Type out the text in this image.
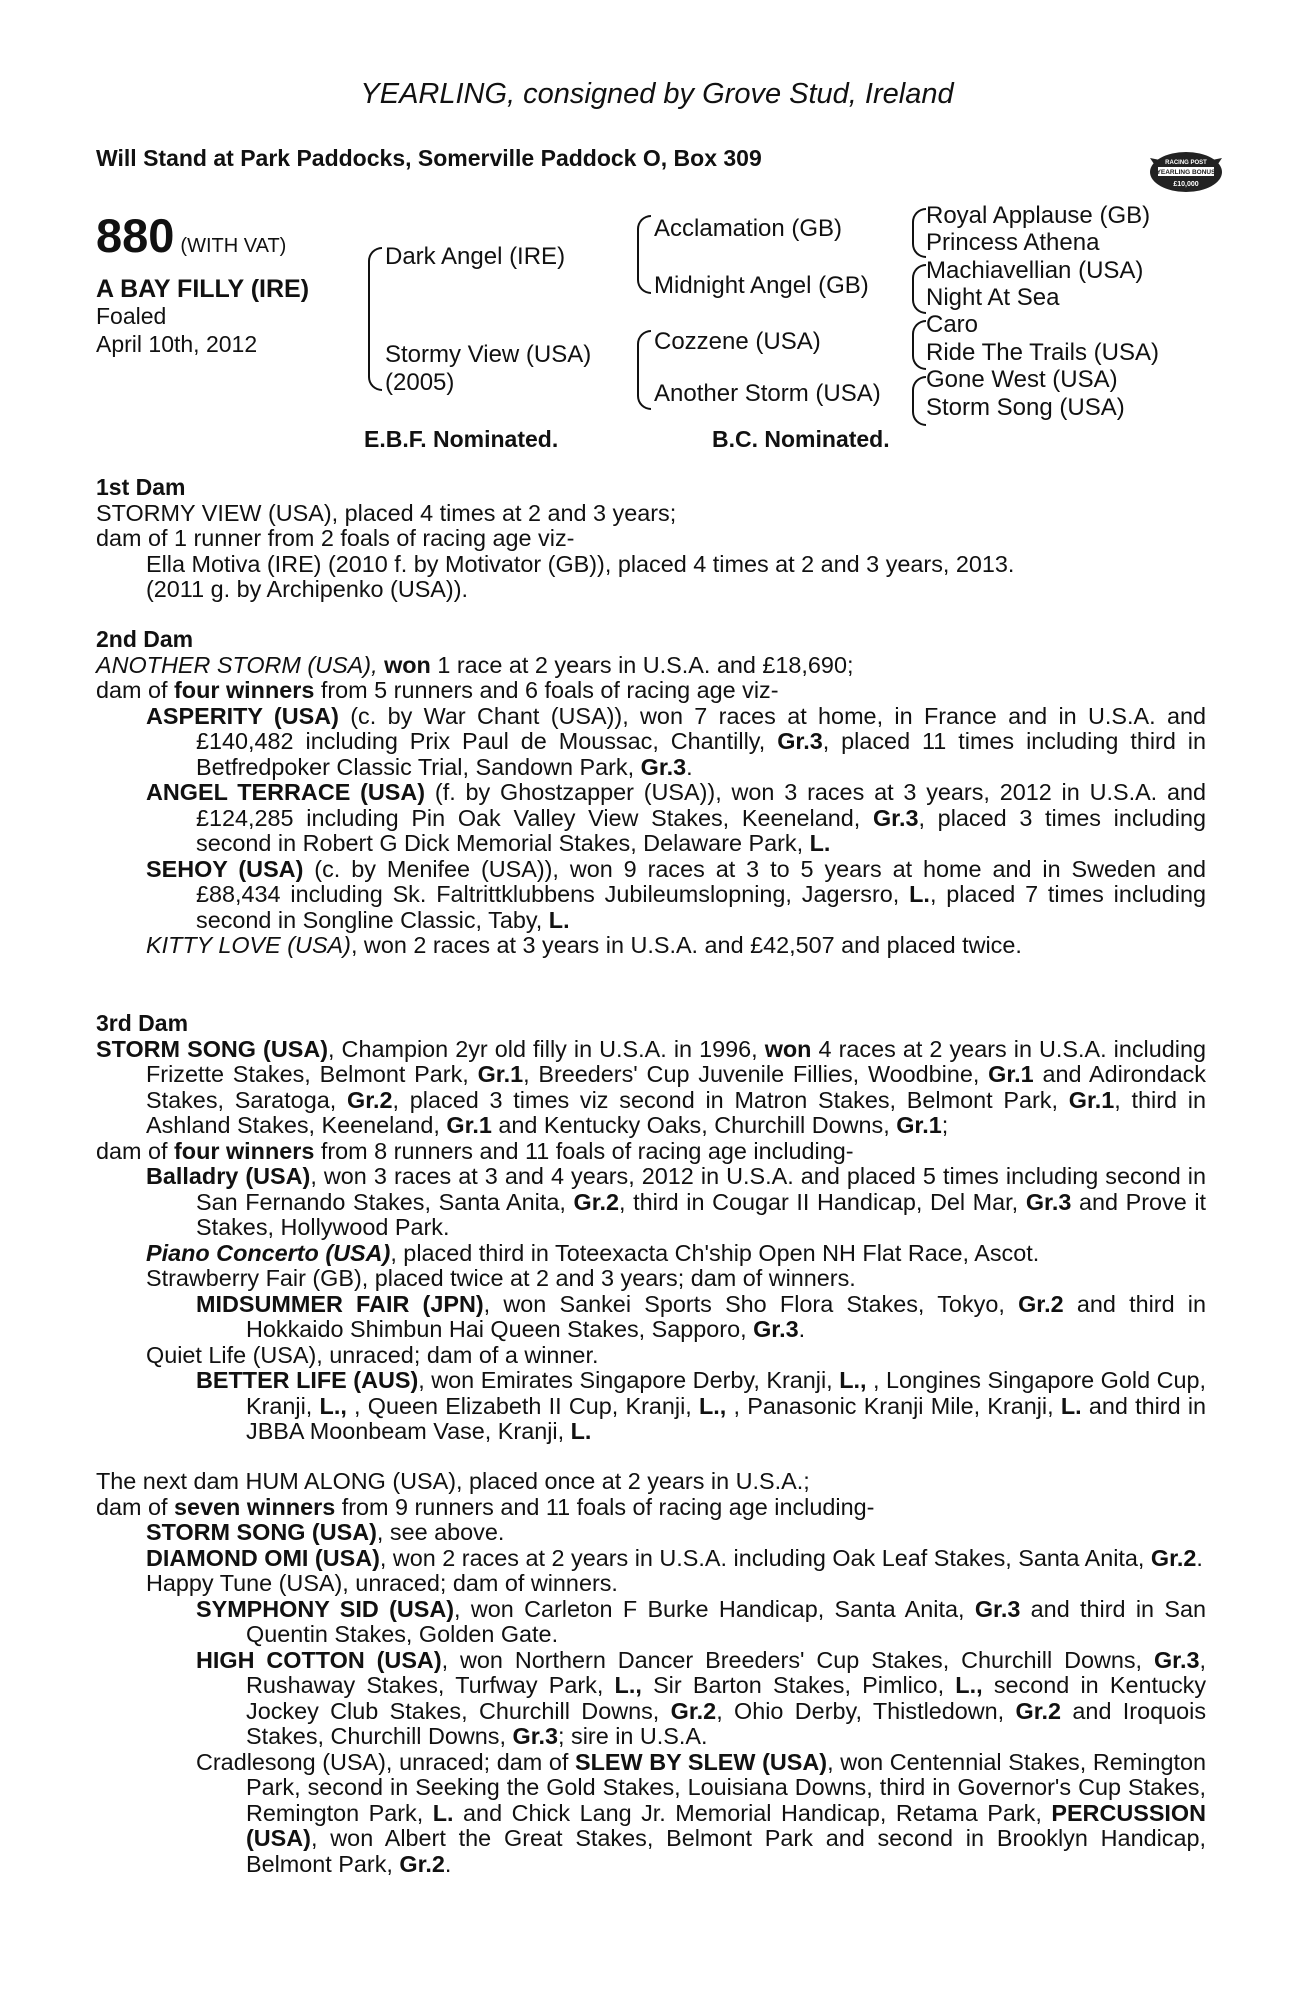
YEARLING, consigned by Grove Stud, Ireland
Will Stand at Park Paddocks, Somerville Paddock O, Box 309	RACING POST
YEARLING BONUS
£10,000
880 (WITH VAT)
A BAY FILLY (IRE)
Foaled
April 10th, 2012
Dark Angel (IRE)
Stormy View (USA)
(2005)
Acclamation (GB)
Midnight Angel (GB)
Cozzene (USA)
Another Storm (USA)
Royal Applause (GB)
Princess Athena
Machiavellian (USA)
Night At Sea
Caro
Ride The Trails (USA)
Gone West (USA)
Storm Song (USA)
E.B.F. Nominated.	B.C. Nominated.

1st Dam

STORMY VIEW (USA), placed 4 times at 2 and 3 years;

dam of 1 runner from 2 foals of racing age viz-

Ella Motiva (IRE) (2010 f. by Motivator (GB)), placed 4 times at 2 and 3 years, 2013.

(2011 g. by Archipenko (USA)).

2nd Dam

ANOTHER STORM (USA), won 1 race at 2 years in U.S.A. and £18,690;

dam of four winners from 5 runners and 6 foals of racing age viz-

ASPERITY (USA) (c. by War Chant (USA)), won 7 races at home, in France and in U.S.A. and £140,482 including Prix Paul de Moussac, Chantilly, Gr.3, placed 11 times including third in Betfredpoker Classic Trial, Sandown Park, Gr.3.

ANGEL TERRACE (USA) (f. by Ghostzapper (USA)), won 3 races at 3 years, 2012 in U.S.A. and £124,285 including Pin Oak Valley View Stakes, Keeneland, Gr.3, placed 3 times including second in Robert G Dick Memorial Stakes, Delaware Park, L.

SEHOY (USA) (c. by Menifee (USA)), won 9 races at 3 to 5 years at home and in Sweden and £88,434 including Sk. Faltrittklubbens Jubileumslopning, Jagersro, L., placed 7 times including second in Songline Classic, Taby, L.

KITTY LOVE (USA), won 2 races at 3 years in U.S.A. and £42,507 and placed twice.

3rd Dam

STORM SONG (USA), Champion 2yr old filly in U.S.A. in 1996, won 4 races at 2 years in U.S.A. including Frizette Stakes, Belmont Park, Gr.1, Breeders' Cup Juvenile Fillies, Woodbine, Gr.1 and Adirondack Stakes, Saratoga, Gr.2, placed 3 times viz second in Matron Stakes, Belmont Park, Gr.1, third in Ashland Stakes, Keeneland, Gr.1 and Kentucky Oaks, Churchill Downs, Gr.1;

dam of four winners from 8 runners and 11 foals of racing age including-

Balladry (USA), won 3 races at 3 and 4 years, 2012 in U.S.A. and placed 5 times including second in San Fernando Stakes, Santa Anita, Gr.2, third in Cougar II Handicap, Del Mar, Gr.3 and Prove it Stakes, Hollywood Park.

Piano Concerto (USA), placed third in Toteexacta Ch'ship Open NH Flat Race, Ascot.

Strawberry Fair (GB), placed twice at 2 and 3 years; dam of winners.

MIDSUMMER FAIR (JPN), won Sankei Sports Sho Flora Stakes, Tokyo, Gr.2 and third in Hokkaido Shimbun Hai Queen Stakes, Sapporo, Gr.3.

Quiet Life (USA), unraced; dam of a winner.

BETTER LIFE (AUS), won Emirates Singapore Derby, Kranji, L., , Longines Singapore Gold Cup, Kranji, L., , Queen Elizabeth II Cup, Kranji, L., , Panasonic Kranji Mile, Kranji, L. and third in JBBA Moonbeam Vase, Kranji, L.

The next dam HUM ALONG (USA), placed once at 2 years in U.S.A.;

dam of seven winners from 9 runners and 11 foals of racing age including-

STORM SONG (USA), see above.

DIAMOND OMI (USA), won 2 races at 2 years in U.S.A. including Oak Leaf Stakes, Santa Anita, Gr.2.

Happy Tune (USA), unraced; dam of winners.

SYMPHONY SID (USA), won Carleton F Burke Handicap, Santa Anita, Gr.3 and third in San Quentin Stakes, Golden Gate.

HIGH COTTON (USA), won Northern Dancer Breeders' Cup Stakes, Churchill Downs, Gr.3, Rushaway Stakes, Turfway Park, L., Sir Barton Stakes, Pimlico, L., second in Kentucky Jockey Club Stakes, Churchill Downs, Gr.2, Ohio Derby, Thistledown, Gr.2 and Iroquois Stakes, Churchill Downs, Gr.3; sire in U.S.A.

Cradlesong (USA), unraced; dam of SLEW BY SLEW (USA), won Centennial Stakes, Remington Park, second in Seeking the Gold Stakes, Louisiana Downs, third in Governor's Cup Stakes, Remington Park, L. and Chick Lang Jr. Memorial Handicap, Retama Park, PERCUSSION (USA), won Albert the Great Stakes, Belmont Park and second in Brooklyn Handicap, Belmont Park, Gr.2.
